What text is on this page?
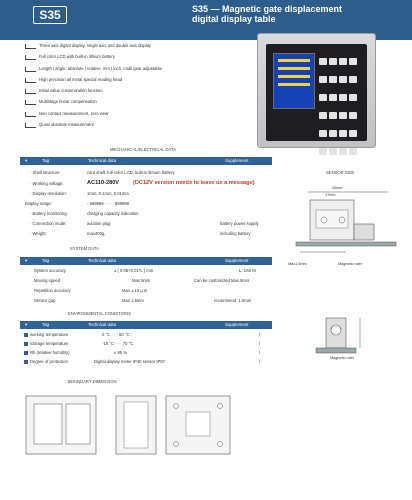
S35	S35 — Magnetic gate displacement
digital display table
Three axis digital display, single axis and double axis display
Full color LCD with built-in lithium battery
Length | angle, absolute | relative, mm | inch, multi gear adjustable
High precision all metal special reading head
Initial value customization function
Multistage linear compensation
Non contact measurement, zero wear
Quasi absolute measurement
MECHANICAL/ELECTRICAL DATA
▾	Tag	Technical data	Supplement
· Shell structure:	card shell, full-color LCD, built-in lithium battery
· Working voltage:	AC110-280V (DC12V version needs to leave us a message)
· Display resolution:	1mm, 0.1mm, 0.01mm
Display range:	- 999999 · · · · 999999
· Battery monitoring:	charging capacity indication
· Connection mode:	aviation plug	battery power supply
· Weight:	max400g,	including battery
SYSTEM DATA
▾	Tag	Technical data	Supplement
System accuracy	± ( 0.05+0.01*L ) mm	L: Unit M
Moving speed	Max 5m/s	Can be customized Max.5m/s
Repetition accuracy	Max ± 10 μ m
Sensor gap	Max 1.5mm	recommend: 1.0mm
ENVIRONMENTAL CONDITIONS
▾	Tag	Technical data	Supplement
working temperature	0 °C · · · 60 °C	/
Storage temperature	-10 °C · · · 70 °C	/
Rh (relative humidity)	≤ 95 %	/
Degree of protection	Digital display meter IP40 sensor IP67	/
SENSOR SIZE
30mm
17mm
Max1.5mm	Magnetic ruler
Magnetic ruler
BOUNDARY DIMENSION
